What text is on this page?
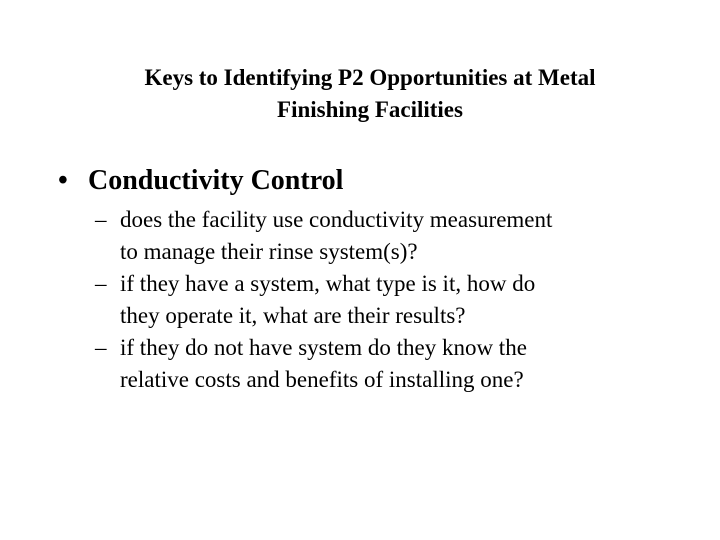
Keys to Identifying P2 Opportunities at Metal
Finishing Facilities
• Conductivity Control
– does the facility use conductivity measurement
to manage their rinse system(s)?
– if they have a system, what type is it, how do
they operate it, what are their results?
– if they do not have system do they know the
relative costs and benefits of installing one?
